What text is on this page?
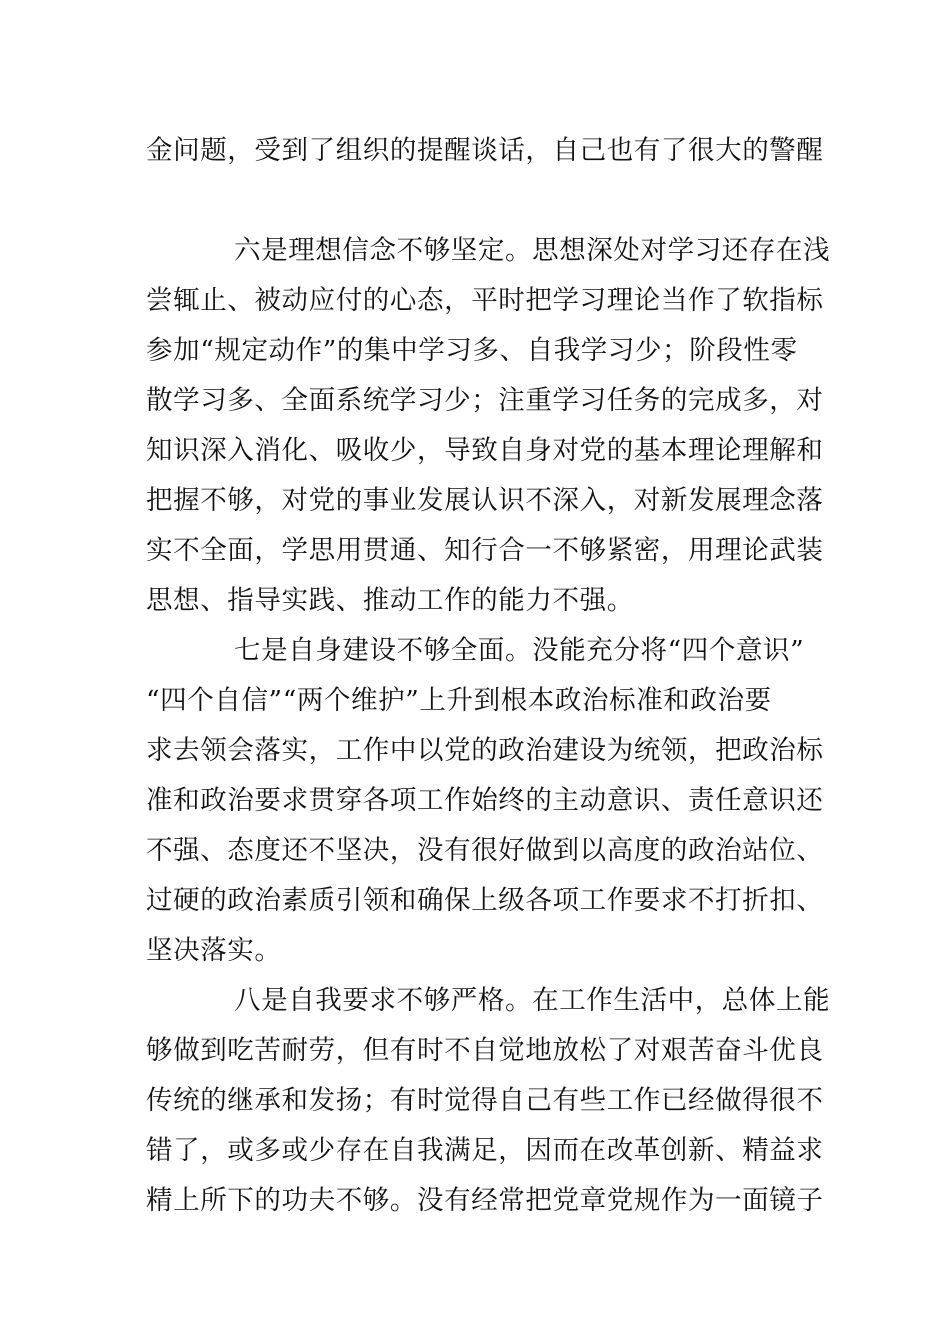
金问题，受到了组织的提醒谈话，自己也有了很大的警醒
六是理想信念不够坚定。思想深处对学习还存在浅
尝辄止、被动应付的心态，平时把学习理论当作了软指标
参加“规定动作”的集中学习多、自我学习少；阶段性零
散学习多、全面系统学习少；注重学习任务的完成多，对
知识深入消化、吸收少，导致自身对党的基本理论理解和
把握不够，对党的事业发展认识不深入，对新发展理念落
实不全面，学思用贯通、知行合一不够紧密，用理论武装
思想、指导实践、推动工作的能力不强。
七是自身建设不够全面。没能充分将“四个意识”
“四个自信”“两个维护”上升到根本政治标准和政治要
求去领会落实，工作中以党的政治建设为统领，把政治标
准和政治要求贯穿各项工作始终的主动意识、责任意识还
不强、态度还不坚决，没有很好做到以高度的政治站位、
过硬的政治素质引领和确保上级各项工作要求不打折扣、
坚决落实。
八是自我要求不够严格。在工作生活中，总体上能
够做到吃苦耐劳，但有时不自觉地放松了对艰苦奋斗优良
传统的继承和发扬；有时觉得自己有些工作已经做得很不
错了，或多或少存在自我满足，因而在改革创新、精益求
精上所下的功夫不够。没有经常把党章党规作为一面镜子
